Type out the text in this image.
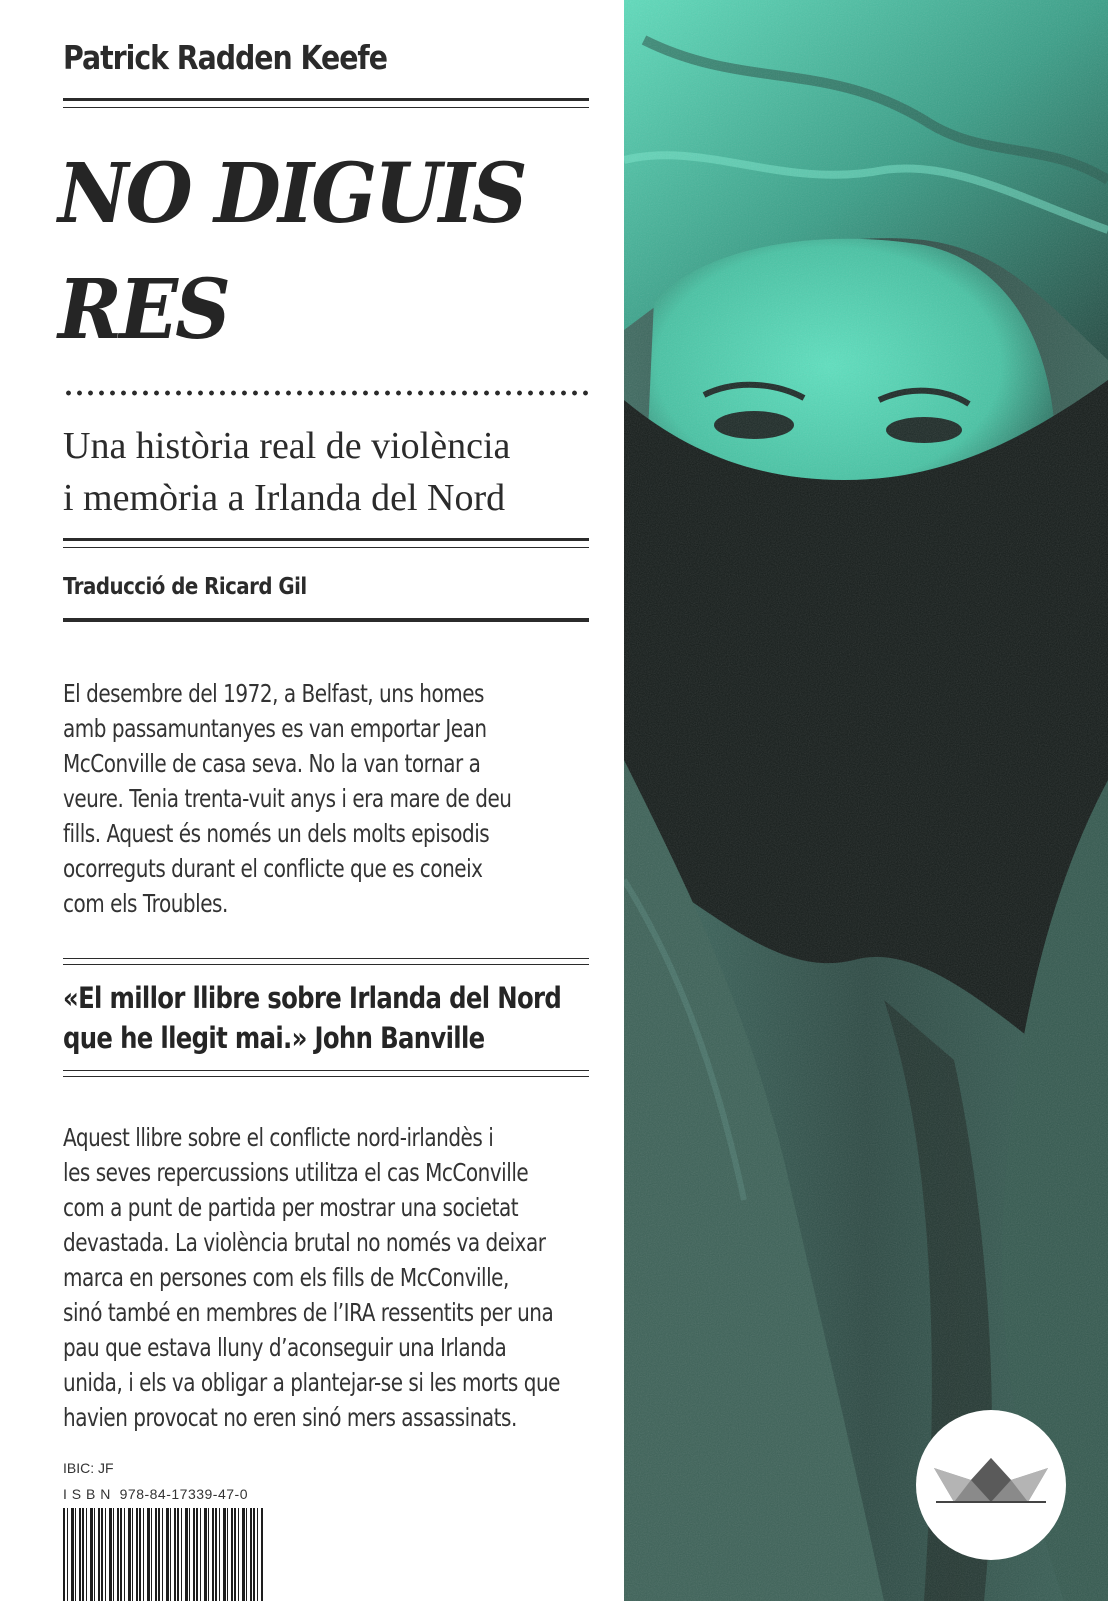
Patrick Radden Keefe

NO DIGUIS
RES

Una història real de violència
i memòria a Irlanda del Nord

Traducció de Ricard Gil

El desembre del 1972, a Belfast, uns homes
amb passamuntanyes es van emportar Jean
McConville de casa seva. No la van tornar a
veure. Tenia trenta-vuit anys i era mare de deu
fills. Aquest és només un dels molts episodis
ocorreguts durant el conflicte que es coneix
com els Troubles.

«El millor llibre sobre Irlanda del Nord
que he llegit mai.» John Banville

Aquest llibre sobre el conflicte nord-irlandès i
les seves repercussions utilitza el cas McConville
com a punt de partida per mostrar una societat
devastada. La violència brutal no només va deixar
marca en persones com els fills de McConville,
sinó també en membres de l’IRA ressentits per una
pau que estava lluny d’aconseguir una Irlanda
unida, i els va obligar a plantejar-se si les morts que
havien provocat no eren sinó mers assassinats.

IBIC: JF
I S B N  978-84-17339-47-0
